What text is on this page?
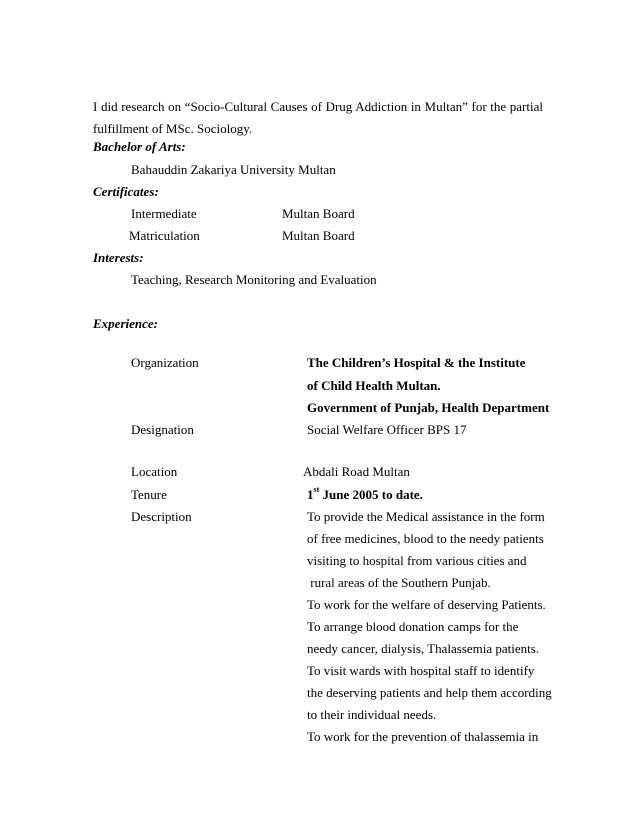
I did research on “Socio-Cultural Causes of Drug Addiction in Multan” for the partial fulfillment of MSc. Sociology.
Bachelor of Arts:
Bahauddin Zakariya University Multan
Certificates:
Intermediate	Multan Board
Matriculation	Multan Board
Interests:
Teaching, Research Monitoring and Evaluation
Experience:
Organization	The Children’s Hospital & the Institute
of Child Health Multan.
Government of Punjab, Health Department
Designation	Social Welfare Officer BPS 17
Location	Abdali Road Multan
Tenure	1st June 2005 to date.
Description	To provide the Medical assistance in the form
of free medicines, blood to the needy patients
visiting to hospital from various cities and
rural areas of the Southern Punjab.
To work for the welfare of deserving Patients.
To arrange blood donation camps for the
needy cancer, dialysis, Thalassemia patients.
To visit wards with hospital staff to identify
the deserving patients and help them according
to their individual needs.
To work for the prevention of thalassemia in
